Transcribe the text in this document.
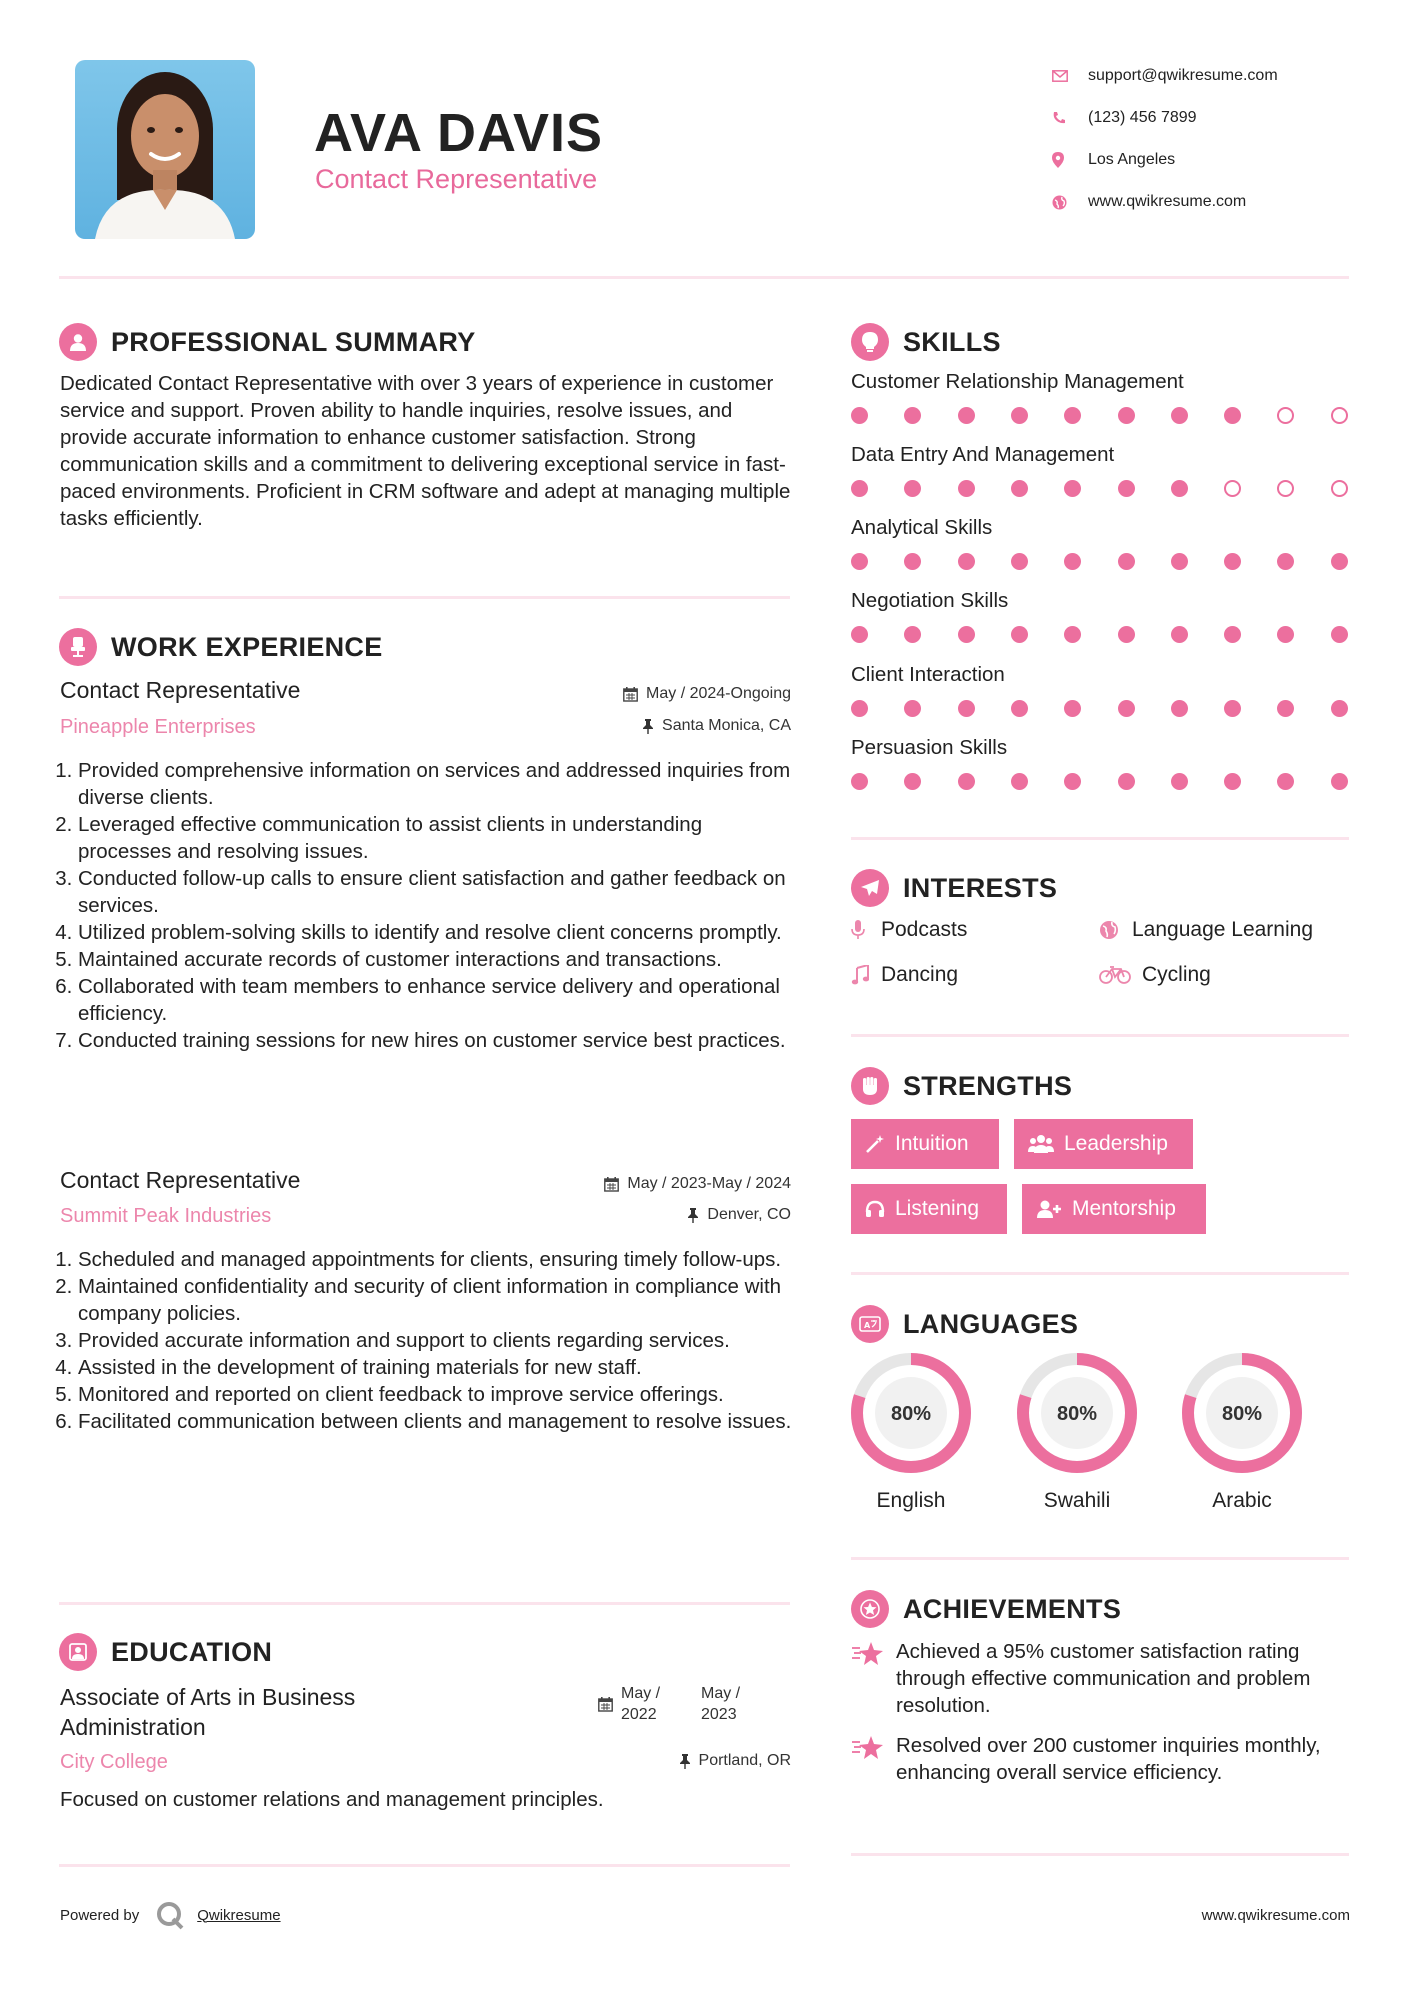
AVA DAVIS
Contact Representative
support@qwikresume.com
(123) 456 7899
Los Angeles
www.qwikresume.com
PROFESSIONAL SUMMARY
Dedicated Contact Representative with over 3 years of experience in customer service and support. Proven ability to handle inquiries, resolve issues, and provide accurate information to enhance customer satisfaction. Strong communication skills and a commitment to delivering exceptional service in fast-paced environments. Proficient in CRM software and adept at managing multiple tasks efficiently.
WORK EXPERIENCE
Contact Representative
Pineapple Enterprises
May / 2024-Ongoing
Santa Monica, CA
1. Provided comprehensive information on services and addressed inquiries from diverse clients.
2. Leveraged effective communication to assist clients in understanding processes and resolving issues.
3. Conducted follow-up calls to ensure client satisfaction and gather feedback on services.
4. Utilized problem-solving skills to identify and resolve client concerns promptly.
5. Maintained accurate records of customer interactions and transactions.
6. Collaborated with team members to enhance service delivery and operational efficiency.
7. Conducted training sessions for new hires on customer service best practices.
Contact Representative
Summit Peak Industries
May / 2023-May / 2024
Denver, CO
1. Scheduled and managed appointments for clients, ensuring timely follow-ups.
2. Maintained confidentiality and security of client information in compliance with company policies.
3. Provided accurate information and support to clients regarding services.
4. Assisted in the development of training materials for new staff.
5. Monitored and reported on client feedback to improve service offerings.
6. Facilitated communication between clients and management to resolve issues.
EDUCATION
Associate of Arts in Business
Administration
City College
May /
2022
May /
2023
Portland, OR
Focused on customer relations and management principles.
SKILLS
Customer Relationship Management
Data Entry And Management
Analytical Skills
Negotiation Skills
Client Interaction
Persuasion Skills
INTERESTS
Podcasts	Language Learning
Dancing	Cycling
STRENGTHS
Intuition	Leadership
Listening	Mentorship
A LANGUAGES
80%
English
80%
Swahili
80%
Arabic
ACHIEVEMENTS
Achieved a 95% customer satisfaction rating through effective communication and problem resolution.
Resolved over 200 customer inquiries monthly, enhancing overall service efficiency.
Powered by	Qwikresume	www.qwikresume.com
